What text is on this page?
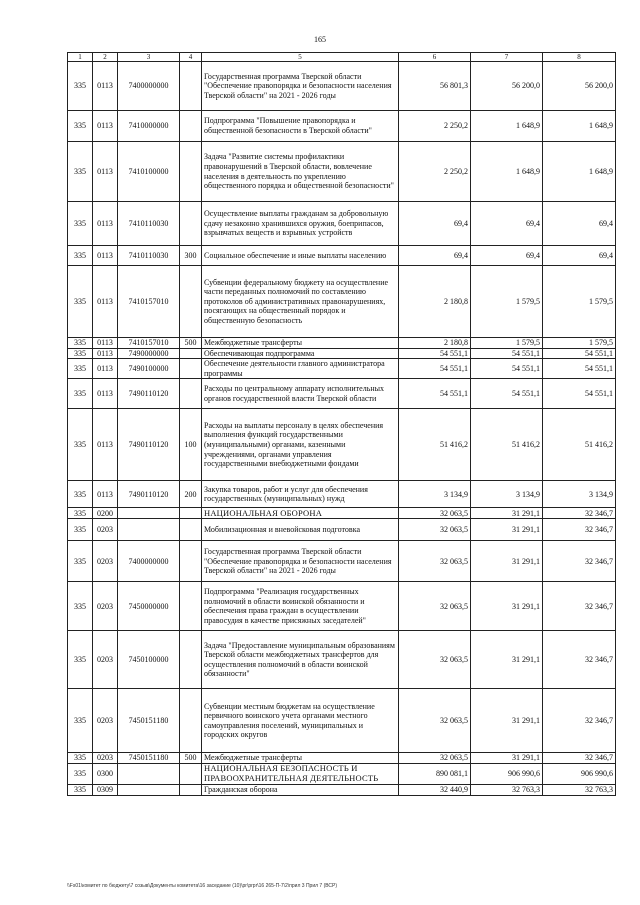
165
1	2	3	4	5	6	7	8
335	0113	7400000000		Государственная программа Тверской области "Обеспечение правопорядка и безопасности населения Тверской области" на 2021 - 2026 годы	56 801,3	56 200,0	56 200,0
335	0113	7410000000		Подпрограмма "Повышение правопорядка и общественной безопасности в Тверской области"	2 250,2	1 648,9	1 648,9
335	0113	7410100000		Задача "Развитие системы профилактики правонарушений в Тверской области, вовлечение населения в деятельность по укреплению общественного порядка и общественной безопасности"	2 250,2	1 648,9	1 648,9
335	0113	7410110030		Осуществление выплаты гражданам за добровольную сдачу незаконно хранившихся оружия, боеприпасов, взрывчатых веществ и взрывных устройств	69,4	69,4	69,4
335	0113	7410110030	300	Социальное обеспечение и иные выплаты населению	69,4	69,4	69,4
335	0113	7410157010		Субвенции федеральному бюджету на осуществление части переданных полномочий по составлению протоколов об административных правонарушениях, посягающих на общественный порядок и общественную безопасность	2 180,8	1 579,5	1 579,5
335	0113	7410157010	500	Межбюджетные трансферты	2 180,8	1 579,5	1 579,5
335	0113	7490000000		Обеспечивающая подпрограмма	54 551,1	54 551,1	54 551,1
335	0113	7490100000		Обеспечение деятельности главного администратора программы	54 551,1	54 551,1	54 551,1
335	0113	7490110120		Расходы по центральному аппарату исполнительных органов государственной власти Тверской области	54 551,1	54 551,1	54 551,1
335	0113	7490110120	100	Расходы на выплаты персоналу в целях обеспечения выполнения функций государственными (муниципальными) органами, казенными учреждениями, органами управления государственными внебюджетными фондами	51 416,2	51 416,2	51 416,2
335	0113	7490110120	200	Закупка товаров, работ и услуг для обеспечения государственных (муниципальных) нужд	3 134,9	3 134,9	3 134,9
335	0200			НАЦИОНАЛЬНАЯ ОБОРОНА	32 063,5	31 291,1	32 346,7
335	0203			Мобилизационная и вневойсковая подготовка	32 063,5	31 291,1	32 346,7
335	0203	7400000000		Государственная программа Тверской области "Обеспечение правопорядка и безопасности населения Тверской области" на 2021 - 2026 годы	32 063,5	31 291,1	32 346,7
335	0203	7450000000		Подпрограмма "Реализация государственных полномочий в области воинской обязанности и обеспечения права граждан в осуществлении правосудия в качестве присяжных заседателей"	32 063,5	31 291,1	32 346,7
335	0203	7450100000		Задача "Предоставление муниципальным образованиям Тверской области межбюджетных трансфертов для осуществления полномочий в области воинской обязанности"	32 063,5	31 291,1	32 346,7
335	0203	7450151180		Субвенции местным бюджетам на осуществление первичного воинского учета органами местного самоуправления поселений, муниципальных и городских округов	32 063,5	31 291,1	32 346,7
335	0203	7450151180	500	Межбюджетные трансферты	32 063,5	31 291,1	32 346,7
335	0300			НАЦИОНАЛЬНАЯ БЕЗОПАСНОСТЬ И ПРАВООХРАНИТЕЛЬНАЯ ДЕЯТЕЛЬНОСТЬ	890 081,1	906 990,6	906 990,6
335	0309			Гражданская оборона	32 440,9	32 763,3	32 763,3
\\Fs01\комитет по бюджету\7 созыв\Документы комитета\16 заседание (10)\pr\prpr\16 265-П-7\2\прил 3 Прил 7 (ВСР)
